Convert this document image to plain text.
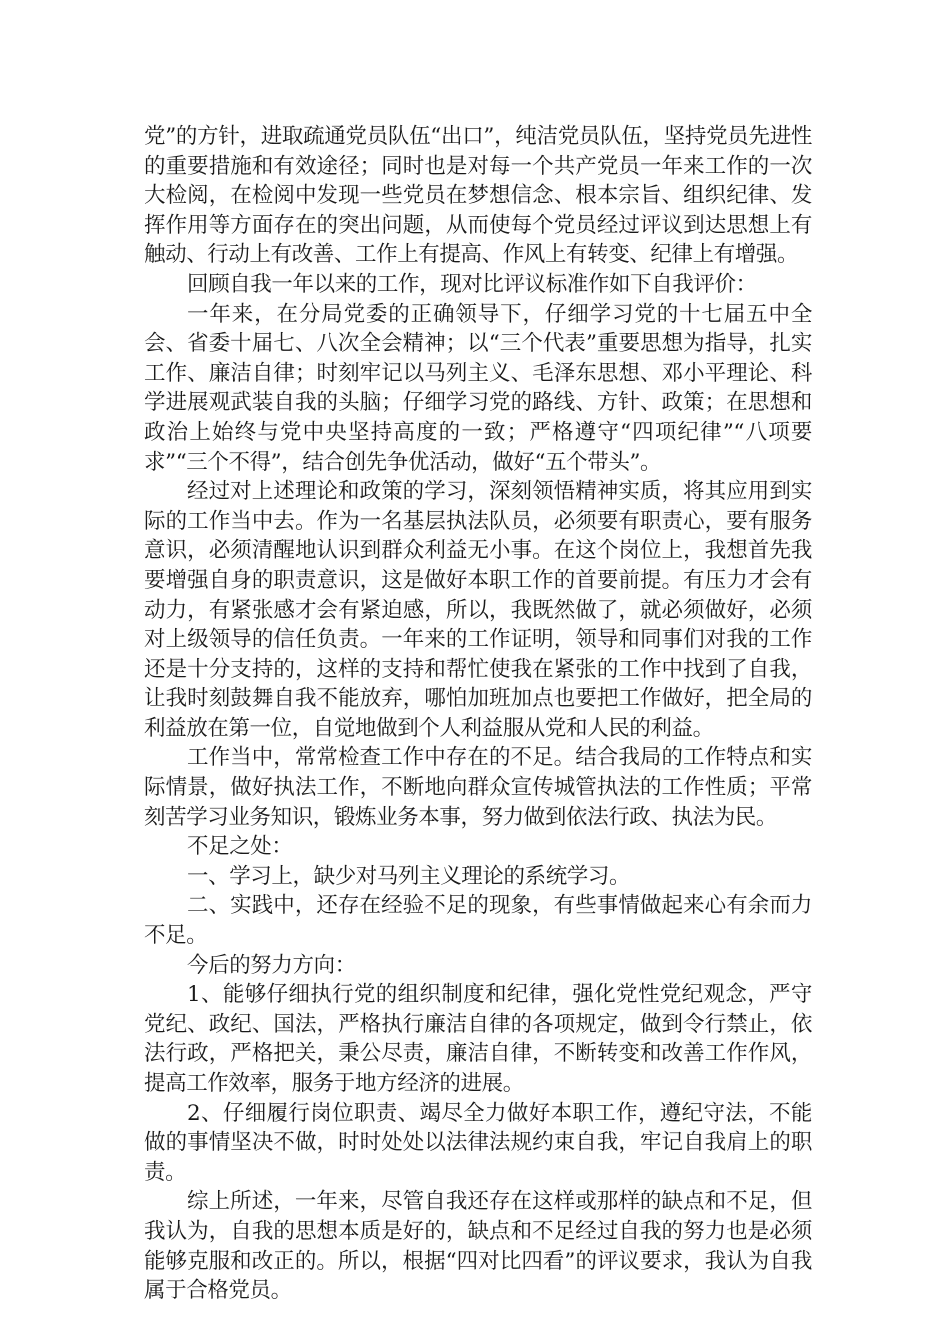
党”的方针，进取疏通党员队伍“出口”，纯洁党员队伍，坚持党员先进性的重要措施和有效途径；同时也是对每一个共产党员一年来工作的一次大检阅，在检阅中发现一些党员在梦想信念、根本宗旨、组织纪律、发挥作用等方面存在的突出问题，从而使每个党员经过评议到达思想上有触动、行动上有改善、工作上有提高、作风上有转变、纪律上有增强。

回顾自我一年以来的工作，现对比评议标准作如下自我评价：

一年来，在分局党委的正确领导下，仔细学习党的十七届五中全会、省委十届七、八次全会精神；以“三个代表”重要思想为指导，扎实工作、廉洁自律；时刻牢记以马列主义、毛泽东思想、邓小平理论、科学进展观武装自我的头脑；仔细学习党的路线、方针、政策；在思想和政治上始终与党中央坚持高度的一致；严格遵守“四项纪律”“八项要求”“三个不得”，结合创先争优活动，做好“五个带头”。

经过对上述理论和政策的学习，深刻领悟精神实质，将其应用到实际的工作当中去。作为一名基层执法队员，必须要有职责心，要有服务意识，必须清醒地认识到群众利益无小事。在这个岗位上，我想首先我要增强自身的职责意识，这是做好本职工作的首要前提。有压力才会有动力，有紧张感才会有紧迫感，所以，我既然做了，就必须做好，必须对上级领导的信任负责。一年来的工作证明，领导和同事们对我的工作还是十分支持的，这样的支持和帮忙使我在紧张的工作中找到了自我，让我时刻鼓舞自我不能放弃，哪怕加班加点也要把工作做好，把全局的利益放在第一位，自觉地做到个人利益服从党和人民的利益。

工作当中，常常检查工作中存在的不足。结合我局的工作特点和实际情景，做好执法工作，不断地向群众宣传城管执法的工作性质；平常刻苦学习业务知识，锻炼业务本事，努力做到依法行政、执法为民。

不足之处：

一、学习上，缺少对马列主义理论的系统学习。

二、实践中，还存在经验不足的现象，有些事情做起来心有余而力不足。

今后的努力方向：

1、能够仔细执行党的组织制度和纪律，强化党性党纪观念，严守党纪、政纪、国法，严格执行廉洁自律的各项规定，做到令行禁止，依法行政，严格把关，秉公尽责，廉洁自律，不断转变和改善工作作风，提高工作效率，服务于地方经济的进展。

2、仔细履行岗位职责、竭尽全力做好本职工作，遵纪守法，不能做的事情坚决不做，时时处处以法律法规约束自我，牢记自我肩上的职责。

综上所述，一年来，尽管自我还存在这样或那样的缺点和不足，但我认为，自我的思想本质是好的，缺点和不足经过自我的努力也是必须能够克服和改正的。所以，根据“四对比四看”的评议要求，我认为自我属于合格党员。
